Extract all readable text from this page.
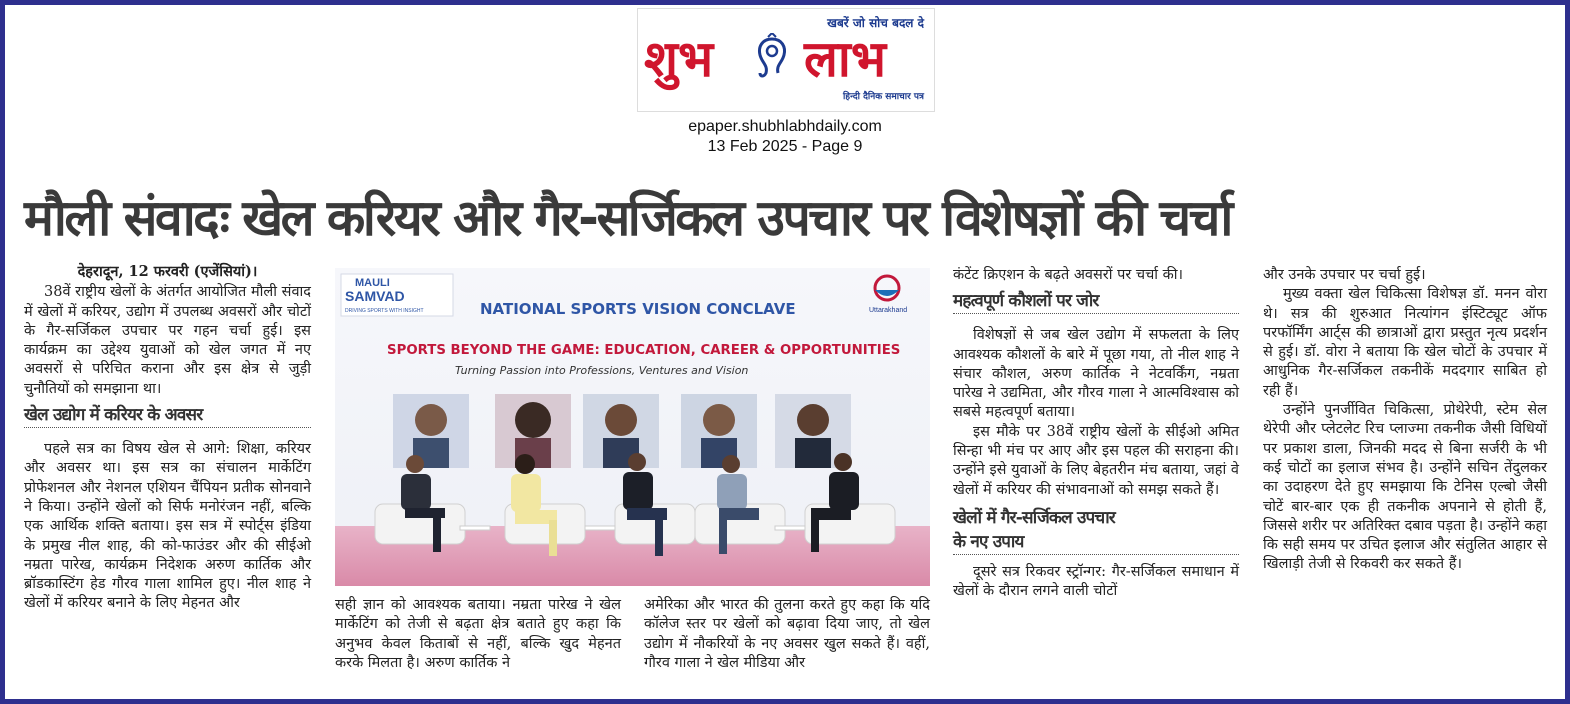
खबरें जो सोच बदल दे
शुभ लाभ
हिन्दी दैनिक समाचार पत्र
epaper.shubhlabhdaily.com
13 Feb 2025 - Page 9
मौली संवादः खेल करियर और गैर-सर्जिकल उपचार पर विशेषज्ञों की चर्चा

देहरादून, 12 फरवरी (एजेंसियां)।

38वें राष्ट्रीय खेलों के अंतर्गत आयोजित मौली संवाद में खेलों में करियर, उद्योग में उपलब्ध अवसरों और चोटों के गैर-सर्जिकल उपचार पर गहन चर्चा हुई। इस कार्यक्रम का उद्देश्य युवाओं को खेल जगत में नए अवसरों से परिचित कराना और इस क्षेत्र से जुड़ी चुनौतियों को समझाना था।

खेल उद्योग में करियर के अवसर

पहले सत्र का विषय खेल से आगे: शिक्षा, करियर और अवसर था। इस सत्र का संचालन मार्केटिंग प्रोफेशनल और नेशनल एशियन चैंपियन प्रतीक सोनवाने ने किया। उन्होंने खेलों को सिर्फ मनोरंजन नहीं, बल्कि एक आर्थिक शक्ति बताया। इस सत्र में स्पोर्ट्स इंडिया के प्रमुख नील शाह, की को-फाउंडर और की सीईओ नम्रता पारेख, कार्यक्रम निदेशक अरुण कार्तिक और ब्रॉडकास्टिंग हेड गौरव गाला शामिल हुए। नील शाह ने खेलों में करियर बनाने के लिए मेहनत और

MAULI
SAMVAD
DRIVING SPORTS WITH INSIGHT	Uttarakhand
NATIONAL SPORTS VISION CONCLAVE
SPORTS BEYOND THE GAME: EDUCATION, CAREER & OPPORTUNITIES
Turning Passion into Professions, Ventures and Vision

सही ज्ञान को आवश्यक बताया। नम्रता पारेख ने खेल मार्केटिंग को तेजी से बढ़ता क्षेत्र बताते हुए कहा कि अनुभव केवल किताबों से नहीं, बल्कि खुद मेहनत करके मिलता है। अरुण कार्तिक ने

अमेरिका और भारत की तुलना करते हुए कहा कि यदि कॉलेज स्तर पर खेलों को बढ़ावा दिया जाए, तो खेल उद्योग में नौकरियों के नए अवसर खुल सकते हैं। वहीं, गौरव गाला ने खेल मीडिया और

कंटेंट क्रिएशन के बढ़ते अवसरों पर चर्चा की।

महत्वपूर्ण कौशलों पर जोर

विशेषज्ञों से जब खेल उद्योग में सफलता के लिए आवश्यक कौशलों के बारे में पूछा गया, तो नील शाह ने संचार कौशल, अरुण कार्तिक ने नेटवर्किंग, नम्रता पारेख ने उद्यमिता, और गौरव गाला ने आत्मविश्वास को सबसे महत्वपूर्ण बताया।

इस मौके पर 38वें राष्ट्रीय खेलों के सीईओ अमित सिन्हा भी मंच पर आए और इस पहल की सराहना की। उन्होंने इसे युवाओं के लिए बेहतरीन मंच बताया, जहां वे खेलों में करियर की संभावनाओं को समझ सकते हैं।

खेलों में गैर-सर्जिकल उपचार
के नए उपाय

दूसरे सत्र रिकवर स्ट्रॉन्गर: गैर-सर्जिकल समाधान में खेलों के दौरान लगने वाली चोटों

और उनके उपचार पर चर्चा हुई।

मुख्य वक्ता खेल चिकित्सा विशेषज्ञ डॉ. मनन वोरा थे। सत्र की शुरुआत नित्यांगन इंस्टिट्यूट ऑफ परफॉर्मिंग आर्ट्स की छात्राओं द्वारा प्रस्तुत नृत्य प्रदर्शन से हुई। डॉ. वोरा ने बताया कि खेल चोटों के उपचार में आधुनिक गैर-सर्जिकल तकनीकें मददगार साबित हो रही हैं।

उन्होंने पुनर्जीवित चिकित्सा, प्रोथेरेपी, स्टेम सेल थेरेपी और प्लेटलेट रिच प्लाज्मा तकनीक जैसी विधियों पर प्रकाश डाला, जिनकी मदद से बिना सर्जरी के भी कई चोटों का इलाज संभव है। उन्होंने सचिन तेंदुलकर का उदाहरण देते हुए समझाया कि टेनिस एल्बो जैसी चोटें बार-बार एक ही तकनीक अपनाने से होती हैं, जिससे शरीर पर अतिरिक्त दबाव पड़ता है। उन्होंने कहा कि सही समय पर उचित इलाज और संतुलित आहार से खिलाड़ी तेजी से रिकवरी कर सकते हैं।
